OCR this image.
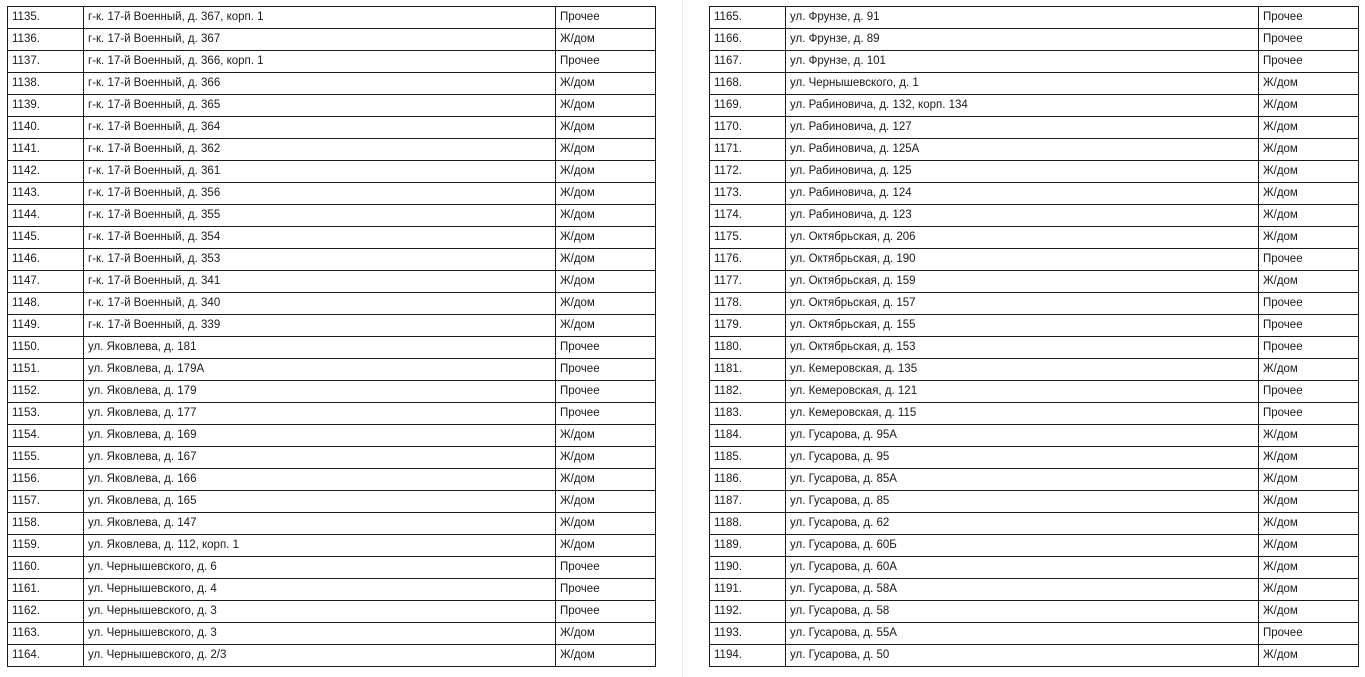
1135.	г-к. 17-й Военный, д. 367, корп. 1	Прочее
1136.	г-к. 17-й Военный, д. 367	Ж/дом
1137.	г-к. 17-й Военный, д. 366, корп. 1	Прочее
1138.	г-к. 17-й Военный, д. 366	Ж/дом
1139.	г-к. 17-й Военный, д. 365	Ж/дом
1140.	г-к. 17-й Военный, д. 364	Ж/дом
1141.	г-к. 17-й Военный, д. 362	Ж/дом
1142.	г-к. 17-й Военный, д. 361	Ж/дом
1143.	г-к. 17-й Военный, д. 356	Ж/дом
1144.	г-к. 17-й Военный, д. 355	Ж/дом
1145.	г-к. 17-й Военный, д. 354	Ж/дом
1146.	г-к. 17-й Военный, д. 353	Ж/дом
1147.	г-к. 17-й Военный, д. 341	Ж/дом
1148.	г-к. 17-й Военный, д. 340	Ж/дом
1149.	г-к. 17-й Военный, д. 339	Ж/дом
1150.	ул. Яковлева, д. 181	Прочее
1151.	ул. Яковлева, д. 179А	Прочее
1152.	ул. Яковлева, д. 179	Прочее
1153.	ул. Яковлева, д. 177	Прочее
1154.	ул. Яковлева, д. 169	Ж/дом
1155.	ул. Яковлева, д. 167	Ж/дом
1156.	ул. Яковлева, д. 166	Ж/дом
1157.	ул. Яковлева, д. 165	Ж/дом
1158.	ул. Яковлева, д. 147	Ж/дом
1159.	ул. Яковлева, д. 112, корп. 1	Ж/дом
1160.	ул. Чернышевского, д. 6	Прочее
1161.	ул. Чернышевского, д. 4	Прочее
1162.	ул. Чернышевского, д. 3	Прочее
1163.	ул. Чернышевского, д. 3	Ж/дом
1164.	ул. Чернышевского, д. 2/3	Ж/дом
1165.	ул. Фрунзе, д. 91	Прочее
1166.	ул. Фрунзе, д. 89	Прочее
1167.	ул. Фрунзе, д. 101	Прочее
1168.	ул. Чернышевского, д. 1	Ж/дом
1169.	ул. Рабиновича, д. 132, корп. 134	Ж/дом
1170.	ул. Рабиновича, д. 127	Ж/дом
1171.	ул. Рабиновича, д. 125А	Ж/дом
1172.	ул. Рабиновича, д. 125	Ж/дом
1173.	ул. Рабиновича, д. 124	Ж/дом
1174.	ул. Рабиновича, д. 123	Ж/дом
1175.	ул. Октябрьская, д. 206	Ж/дом
1176.	ул. Октябрьская, д. 190	Прочее
1177.	ул. Октябрьская, д. 159	Ж/дом
1178.	ул. Октябрьская, д. 157	Прочее
1179.	ул. Октябрьская, д. 155	Прочее
1180.	ул. Октябрьская, д. 153	Прочее
1181.	ул. Кемеровская, д. 135	Ж/дом
1182.	ул. Кемеровская, д. 121	Прочее
1183.	ул. Кемеровская, д. 115	Прочее
1184.	ул. Гусарова, д. 95А	Ж/дом
1185.	ул. Гусарова, д. 95	Ж/дом
1186.	ул. Гусарова, д. 85А	Ж/дом
1187.	ул. Гусарова, д. 85	Ж/дом
1188.	ул. Гусарова, д. 62	Ж/дом
1189.	ул. Гусарова, д. 60Б	Ж/дом
1190.	ул. Гусарова, д. 60А	Ж/дом
1191.	ул. Гусарова, д. 58А	Ж/дом
1192.	ул. Гусарова, д. 58	Ж/дом
1193.	ул. Гусарова, д. 55А	Прочее
1194.	ул. Гусарова, д. 50	Ж/дом
